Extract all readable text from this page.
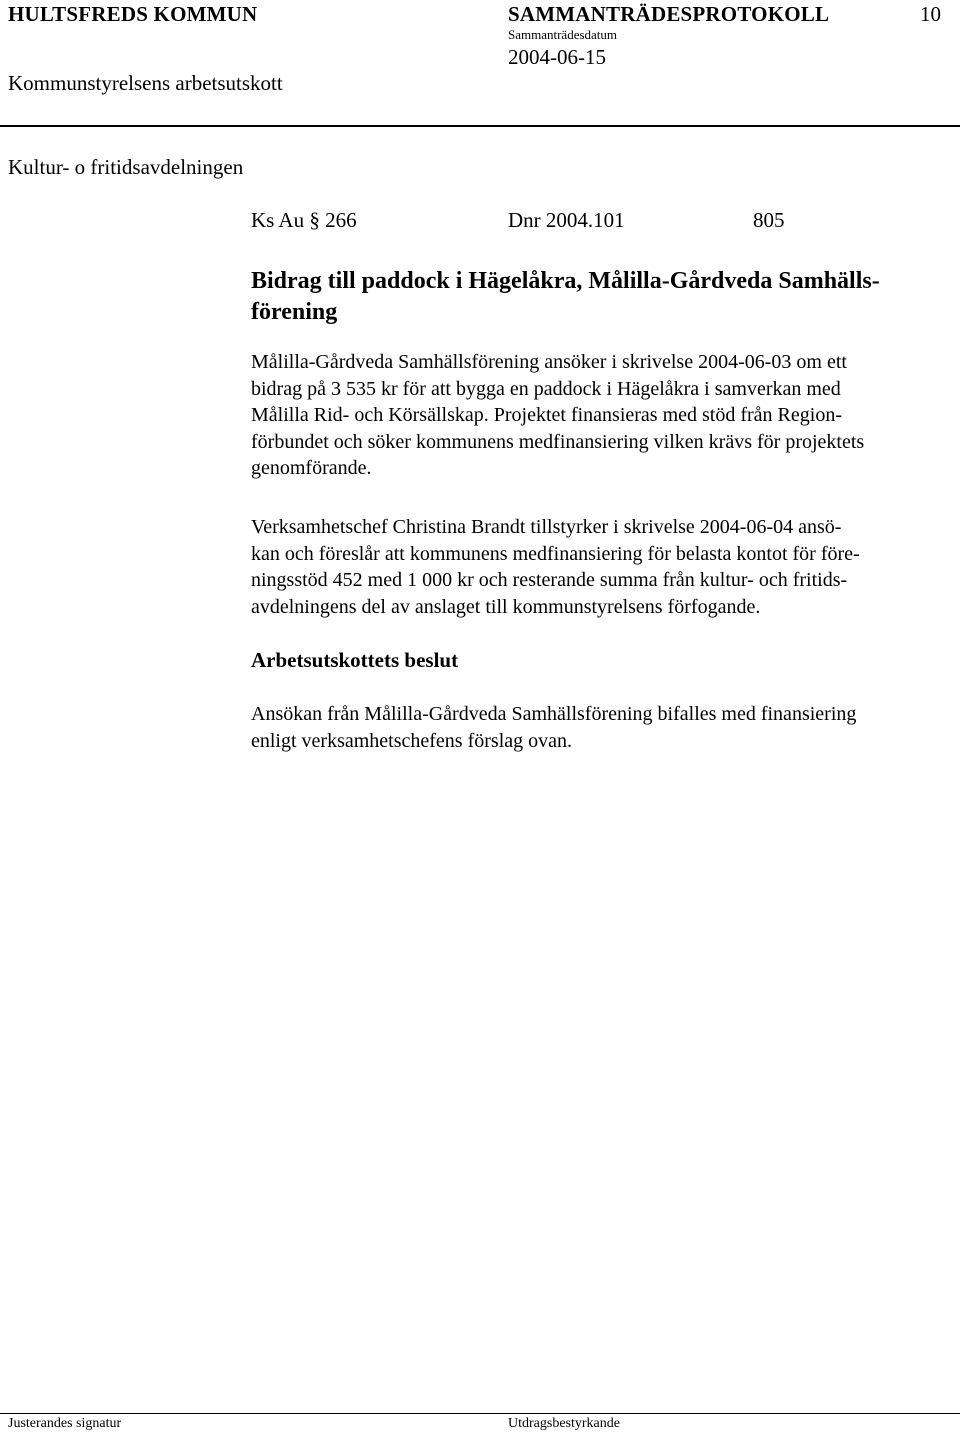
HULTSFREDS KOMMUN	SAMMANTRÄDESPROTOKOLL	10
Sammanträdesdatum
2004-06-15
Kommunstyrelsens arbetsutskott
Kultur- o fritidsavdelningen
Ks Au § 266	Dnr 2004.101	805
Bidrag till paddock i Hägelåkra, Målilla-Gårdveda Samhälls-
förening

Målilla-Gårdveda Samhällsförening ansöker i skrivelse 2004-06-03 om ett
bidrag på 3 535 kr för att bygga en paddock i Hägelåkra i samverkan med
Målilla Rid- och Körsällskap. Projektet finansieras med stöd från Region-
förbundet och söker kommunens medfinansiering vilken krävs för projektets
genomförande.

Verksamhetschef Christina Brandt tillstyrker i skrivelse 2004-06-04 ansö-
kan och föreslår att kommunens medfinansiering för belasta kontot för före-
ningsstöd 452 med 1 000 kr och resterande summa från kultur- och fritids-
avdelningens del av anslaget till kommunstyrelsens förfogande.

Arbetsutskottets beslut

Ansökan från Målilla-Gårdveda Samhällsförening bifalles med finansiering
enligt verksamhetschefens förslag ovan.

Justerandes signatur	Utdragsbestyrkande
